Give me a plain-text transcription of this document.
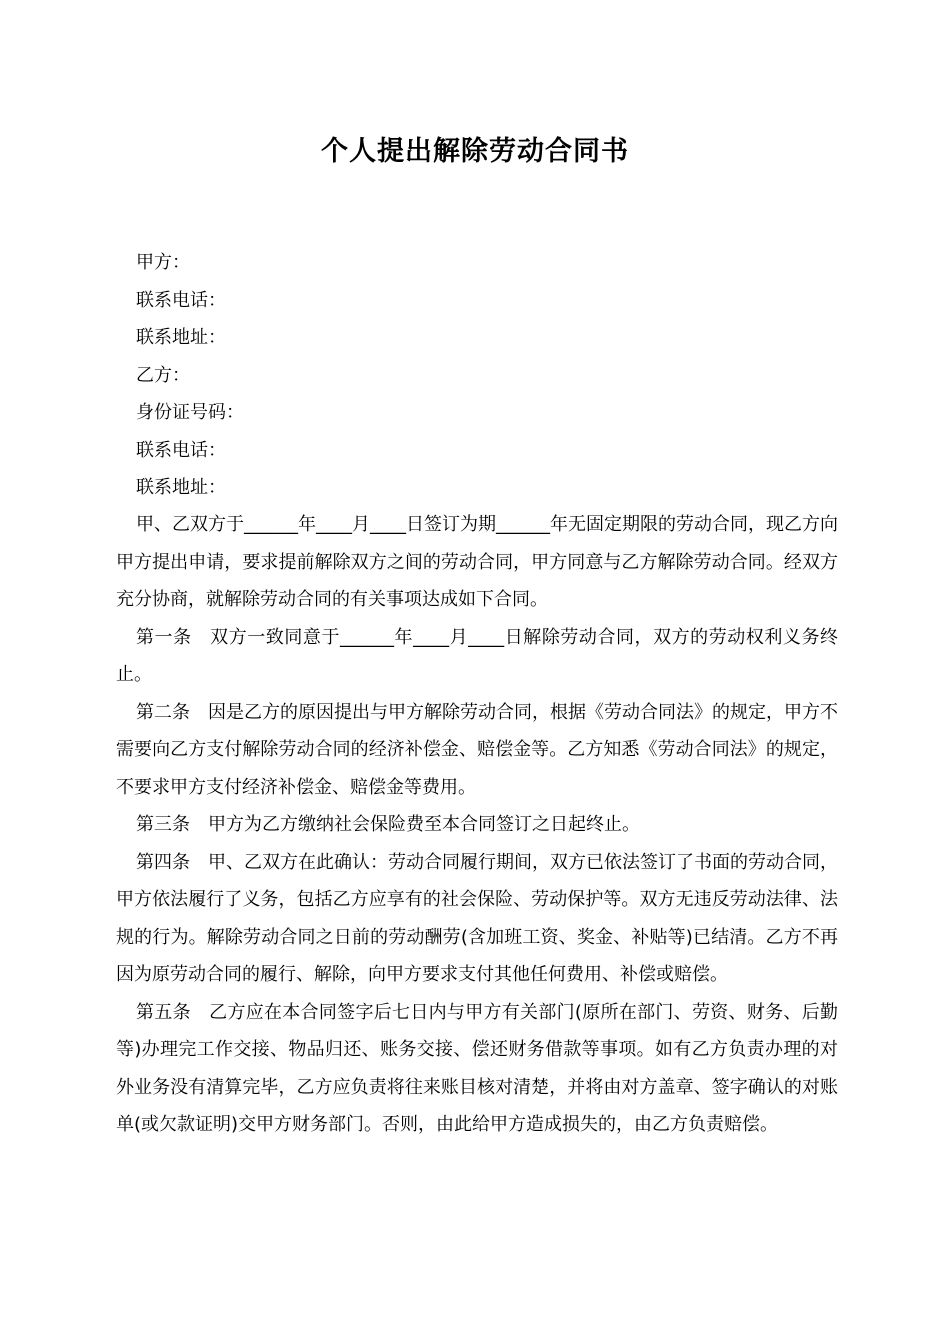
个人提出解除劳动合同书
甲方：
联系电话：
联系地址：
乙方：
身份证号码：
联系电话：
联系地址：

甲、乙双方于______年____月____日签订为期______年无固定期限的劳动合同，现乙方向甲方提出申请，要求提前解除双方之间的劳动合同，甲方同意与乙方解除劳动合同。经双方充分协商，就解除劳动合同的有关事项达成如下合同。

第一条　双方一致同意于______年____月____日解除劳动合同，双方的劳动权利义务终止。

第二条　因是乙方的原因提出与甲方解除劳动合同，根据《劳动合同法》的规定，甲方不需要向乙方支付解除劳动合同的经济补偿金、赔偿金等。乙方知悉《劳动合同法》的规定，不要求甲方支付经济补偿金、赔偿金等费用。

第三条　甲方为乙方缴纳社会保险费至本合同签订之日起终止。

第四条　甲、乙双方在此确认：劳动合同履行期间，双方已依法签订了书面的劳动合同，甲方依法履行了义务，包括乙方应享有的社会保险、劳动保护等。双方无违反劳动法律、法规的行为。解除劳动合同之日前的劳动酬劳(含加班工资、奖金、补贴等)已结清。乙方不再因为原劳动合同的履行、解除，向甲方要求支付其他任何费用、补偿或赔偿。

第五条　乙方应在本合同签字后七日内与甲方有关部门(原所在部门、劳资、财务、后勤等)办理完工作交接、物品归还、账务交接、偿还财务借款等事项。如有乙方负责办理的对外业务没有清算完毕，乙方应负责将往来账目核对清楚，并将由对方盖章、签字确认的对账单(或欠款证明)交甲方财务部门。否则，由此给甲方造成损失的，由乙方负责赔偿。
